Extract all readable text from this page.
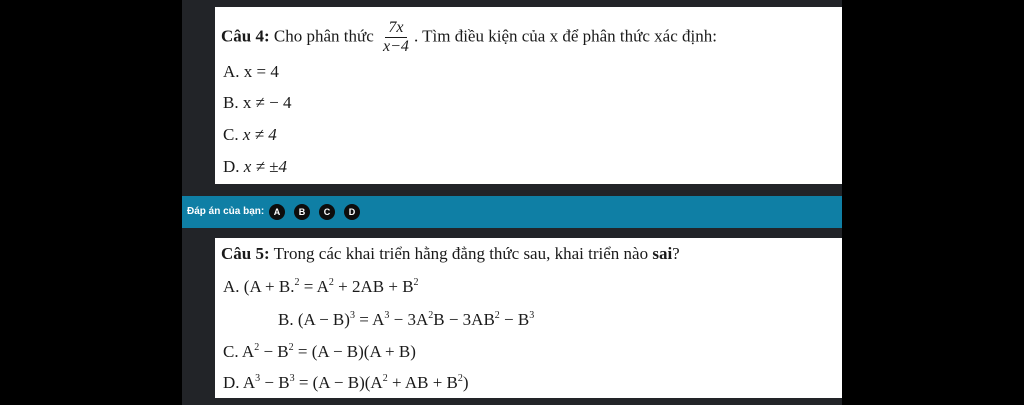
Câu 4: Cho phân thức $\frac{7x}{x-4}$ . Tìm điều kiện của x để phân thức xác định:
A. x = 4
B. x ≠ − 4
C. x ≠ 4
D. x ≠ ±4
Đáp án của bạn:	A	B	C	D
Câu 5: Trong các khai triển hằng đẳng thức sau, khai triển nào sai?
A. ($A + B.^2 = A^2 + 2AB + B^2$
B. $(A - B)^3 = A^3 - 3A^2B - 3AB^2 - B^3$
C. $A^2 - B^2 = (A - B)(A + B)$
D. $A^3 - B^3 = (A - B)(A^2$ + AB + $B^2$)
